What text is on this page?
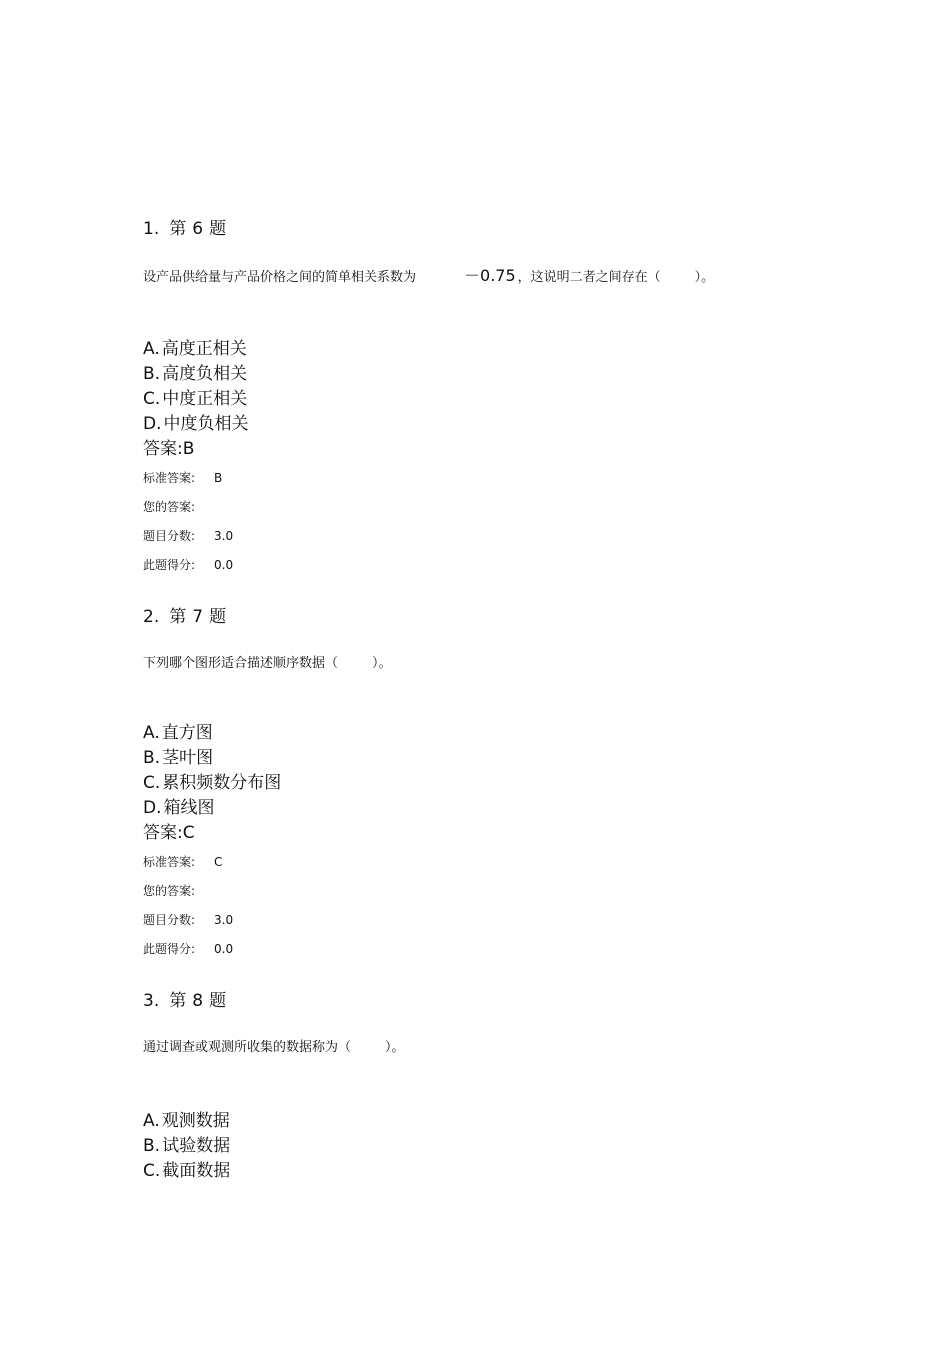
1. 第 6 题
设产品供给量与产品价格之间的简单相关系数为	－0.75 ，这说明二者之间存在（	）。
A. 高度正相关
B. 高度负相关
C. 中度正相关
D. 中度负相关
答案:B
标准答案: B
您的答案:
题目分数: 3.0
此题得分: 0.0
2. 第 7 题
下列哪个图形适合描述顺序数据（	）。
A. 直方图
B. 茎叶图
C. 累积频数分布图
D. 箱线图
答案:C
标准答案: C
您的答案:
题目分数: 3.0
此题得分: 0.0
3. 第 8 题
通过调查或观测所收集的数据称为（	）。
A. 观测数据
B. 试验数据
C. 截面数据
